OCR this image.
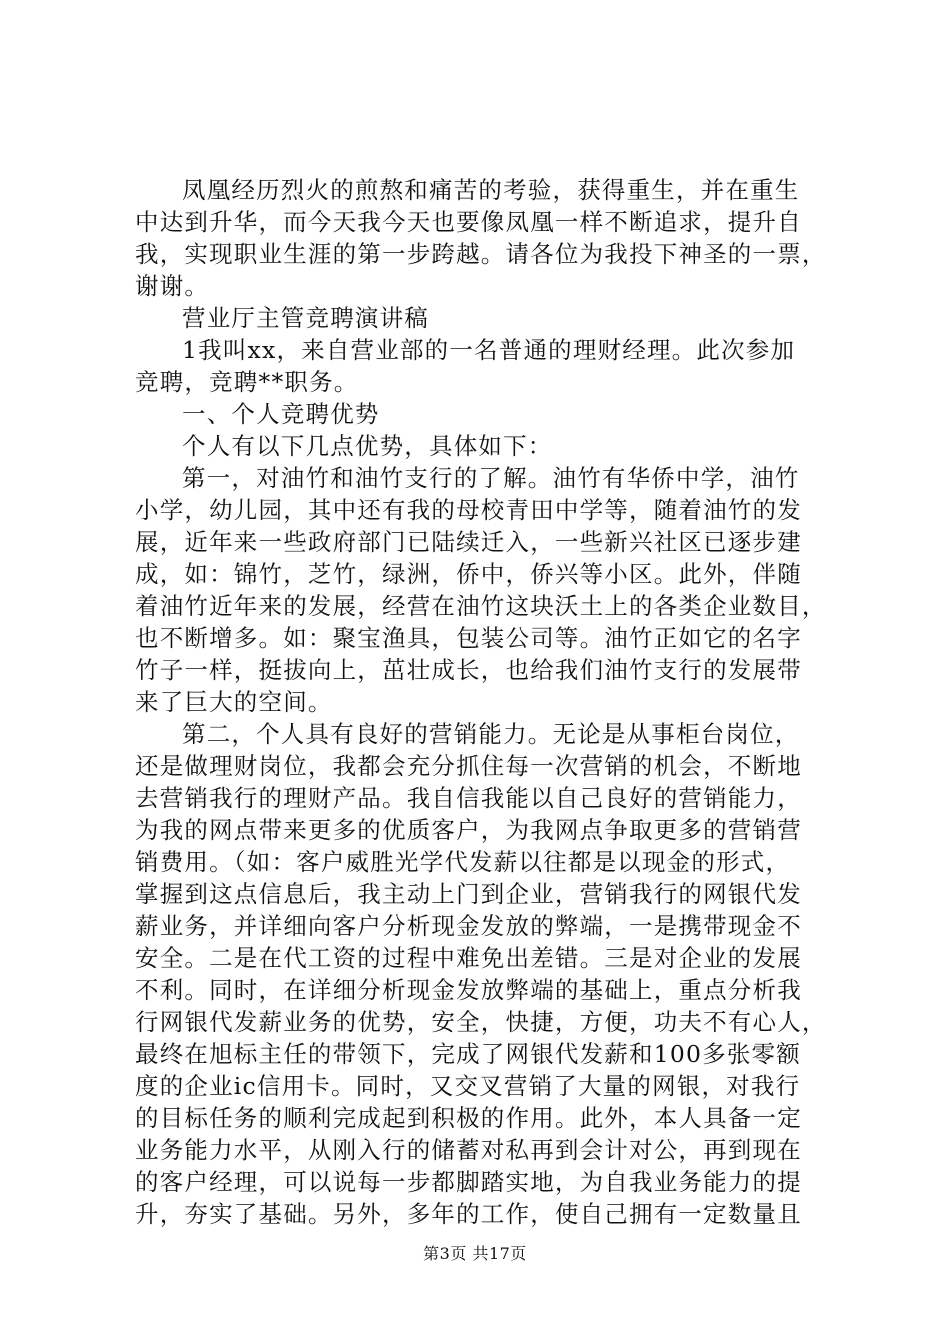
凤凰经历烈火的煎熬和痛苦的考验，获得重生，并在重生
中达到升华，而今天我今天也要像凤凰一样不断追求，提升自
我，实现职业生涯的第一步跨越。请各位为我投下神圣的一票，
谢谢。
营业厅主管竞聘演讲稿
1我叫xx，来自营业部的一名普通的理财经理。此次参加
竞聘，竞聘**职务。
一、个人竞聘优势
个人有以下几点优势，具体如下：
第一，对油竹和油竹支行的了解。油竹有华侨中学，油竹
小学，幼儿园，其中还有我的母校青田中学等，随着油竹的发
展，近年来一些政府部门已陆续迁入，一些新兴社区已逐步建
成，如：锦竹，芝竹，绿洲，侨中，侨兴等小区。此外，伴随
着油竹近年来的发展，经营在油竹这块沃土上的各类企业数目，
也不断增多。如：聚宝渔具，包装公司等。油竹正如它的名字
竹子一样，挺拔向上，茁壮成长，也给我们油竹支行的发展带
来了巨大的空间。
第二，个人具有良好的营销能力。无论是从事柜台岗位，
还是做理财岗位，我都会充分抓住每一次营销的机会，不断地
去营销我行的理财产品。我自信我能以自己良好的营销能力，
为我的网点带来更多的优质客户，为我网点争取更多的营销营
销费用。（如：客户威胜光学代发薪以往都是以现金的形式，
掌握到这点信息后，我主动上门到企业，营销我行的网银代发
薪业务，并详细向客户分析现金发放的弊端，一是携带现金不
安全。二是在代工资的过程中难免出差错。三是对企业的发展
不利。同时，在详细分析现金发放弊端的基础上，重点分析我
行网银代发薪业务的优势，安全，快捷，方便，功夫不有心人，
最终在旭标主任的带领下，完成了网银代发薪和100多张零额
度的企业ic信用卡。同时，又交叉营销了大量的网银，对我行
的目标任务的顺利完成起到积极的作用。此外，本人具备一定
业务能力水平，从刚入行的储蓄对私再到会计对公，再到现在
的客户经理，可以说每一步都脚踏实地，为自我业务能力的提
升，夯实了基础。另外，多年的工作，使自己拥有一定数量且
第3页 共17页
